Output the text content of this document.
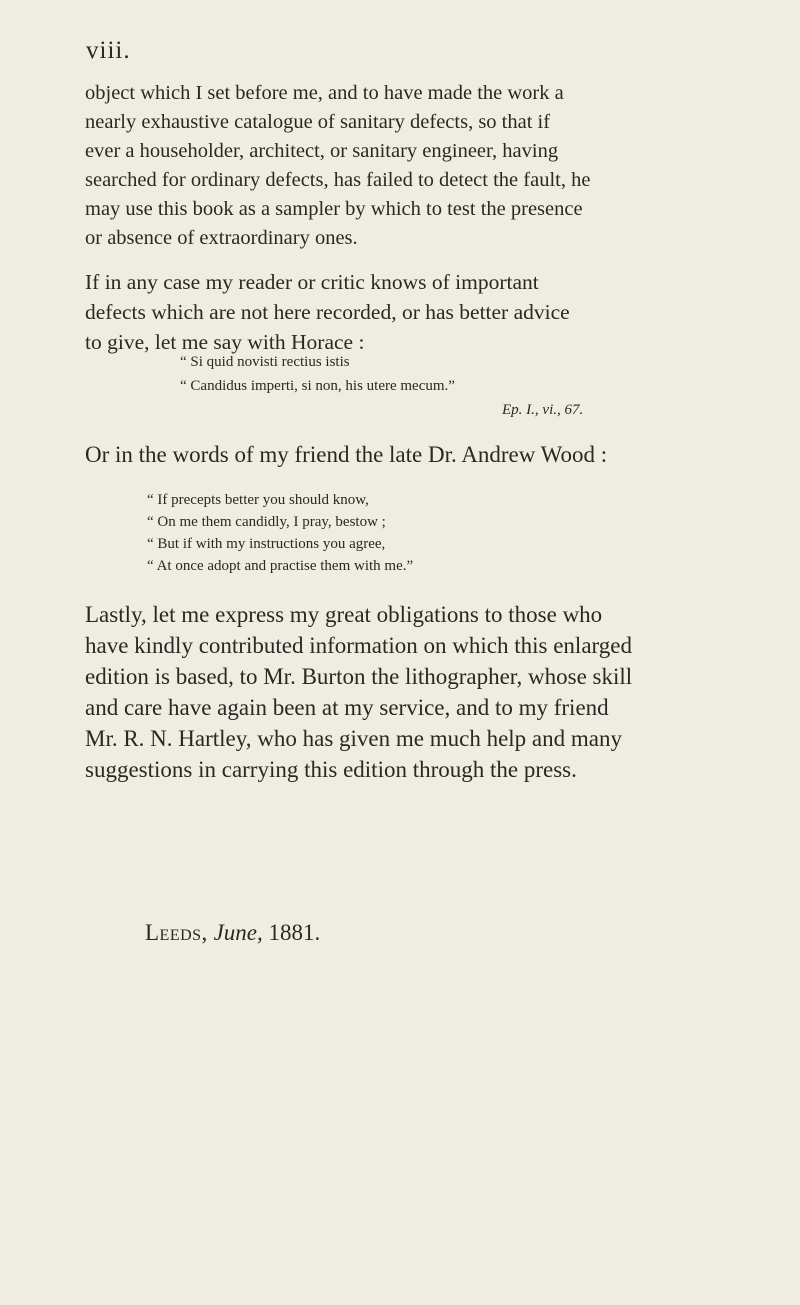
viii.

object which I set before me, and to have made the work a
nearly exhaustive catalogue of sanitary defects, so that if
ever a householder, architect, or sanitary engineer, having
searched for ordinary defects, has failed to detect the fault, he
may use this book as a sampler by which to test the presence
or absence of extraordinary ones.

If in any case my reader or critic knows of important
defects which are not here recorded, or has better advice
to give, let me say with Horace :

“ Si quid novisti rectius istis
“ Candidus imperti, si non, his utere mecum.”
Ep. I., vi., 67.

Or in the words of my friend the late Dr. Andrew Wood :

“ If precepts better you should know,
“ On me them candidly, I pray, bestow ;
“ But if with my instructions you agree,
“ At once adopt and practise them with me.”

Lastly, let me express my great obligations to those who
have kindly contributed information on which this enlarged
edition is based, to Mr. Burton the lithographer, whose skill
and care have again been at my service, and to my friend
Mr. R. N. Hartley, who has given me much help and many
suggestions in carrying this edition through the press.

Leeds, June, 1881.
